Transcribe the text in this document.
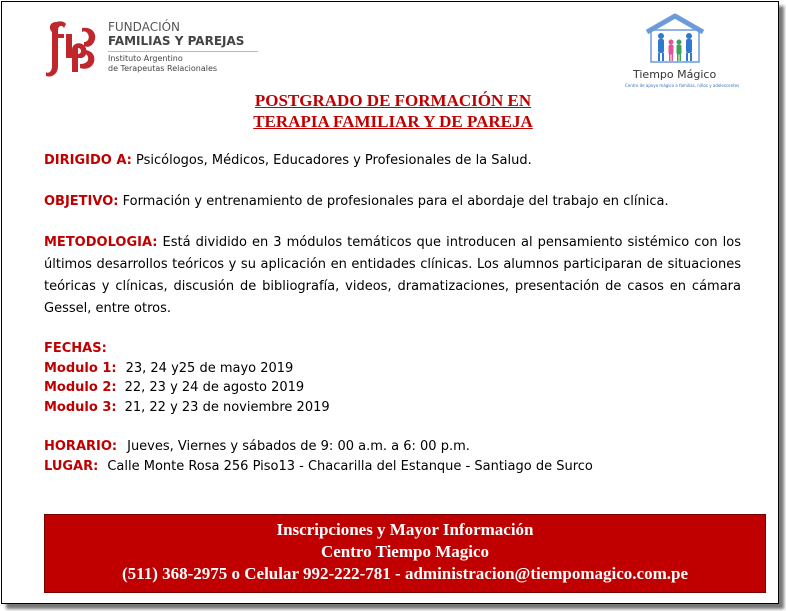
FUNDACIÓN
FAMILIAS Y PAREJAS
Instituto Argentino
de Terapeutas Relacionales	Tiempo Mágico
Centro de apoyo mágico a familias, niños y adolescentes
POSTGRADO DE FORMACIÓN EN
TERAPIA FAMILIAR Y DE PAREJA
DIRIGIDO A: Psicólogos, Médicos, Educadores y Profesionales de la Salud.
OBJETIVO: Formación y entrenamiento de profesionales para el abordaje del trabajo en clínica.
METODOLOGIA: Está dividido en 3 módulos temáticos que introducen al pensamiento sistémico con los últimos desarrollos teóricos y su aplicación en entidades clínicas. Los alumnos participaran de situaciones teóricas y clínicas, discusión de bibliografía, videos, dramatizaciones, presentación de casos en cámara Gessel, entre otros.
FECHAS:
Modulo 1: 23, 24 y25 de mayo 2019
Modulo 2: 22, 23 y 24 de agosto 2019
Modulo 3: 21, 22 y 23 de noviembre 2019
HORARIO: Jueves, Viernes y sábados de 9: 00 a.m. a 6: 00 p.m.
LUGAR: Calle Monte Rosa 256 Piso13 - Chacarilla del Estanque - Santiago de Surco
Inscripciones y Mayor Información
Centro Tiempo Magico
(511) 368-2975 o Celular 992-222-781 - administracion@tiempomagico.com.pe
